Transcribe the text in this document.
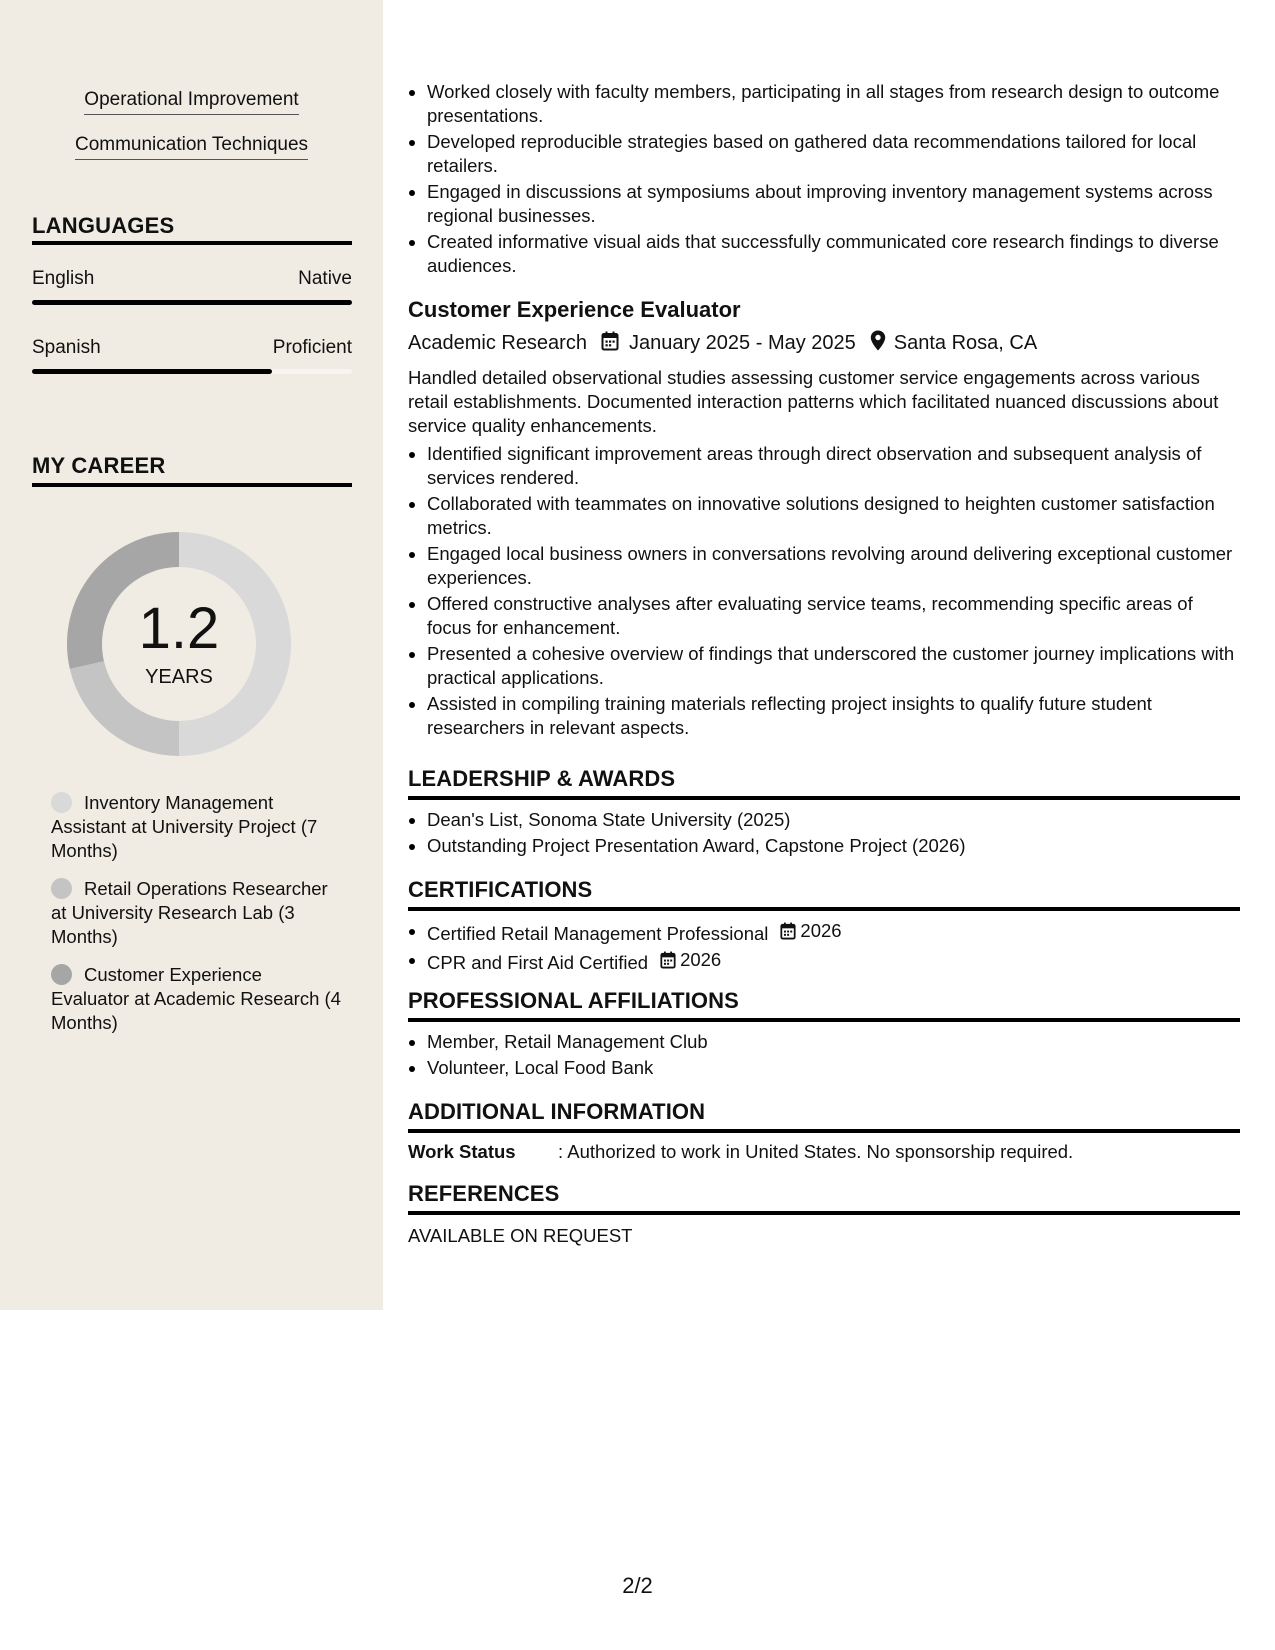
Operational Improvement
Communication Techniques
LANGUAGES
English	Native
Spanish	Proficient
MY CAREER
1.2
YEARS
Inventory Management Assistant at University Project (7 Months)
Retail Operations Researcher at University Research Lab (3 Months)
Customer Experience Evaluator at Academic Research (4 Months)
Worked closely with faculty members, participating in all stages from research design to outcome presentations.
Developed reproducible strategies based on gathered data recommendations tailored for local retailers.
Engaged in discussions at symposiums about improving inventory management systems across regional businesses.
Created informative visual aids that successfully communicated core research findings to diverse audiences.
Customer Experience Evaluator
Academic Research January 2025 - May 2025 Santa Rosa, CA
Handled detailed observational studies assessing customer service engagements across various retail establishments. Documented interaction patterns which facilitated nuanced discussions about service quality enhancements.
Identified significant improvement areas through direct observation and subsequent analysis of services rendered.
Collaborated with teammates on innovative solutions designed to heighten customer satisfaction metrics.
Engaged local business owners in conversations revolving around delivering exceptional customer experiences.
Offered constructive analyses after evaluating service teams, recommending specific areas of focus for enhancement.
Presented a cohesive overview of findings that underscored the customer journey implications with practical applications.
Assisted in compiling training materials reflecting project insights to qualify future student researchers in relevant aspects.
LEADERSHIP & AWARDS
Dean's List, Sonoma State University (2025)
Outstanding Project Presentation Award, Capstone Project (2026)
CERTIFICATIONS
Certified Retail Management Professional 2026
CPR and First Aid Certified 2026
PROFESSIONAL AFFILIATIONS
Member, Retail Management Club
Volunteer, Local Food Bank
ADDITIONAL INFORMATION
Work Status	: Authorized to work in United States. No sponsorship required.
REFERENCES
AVAILABLE ON REQUEST
2/2
